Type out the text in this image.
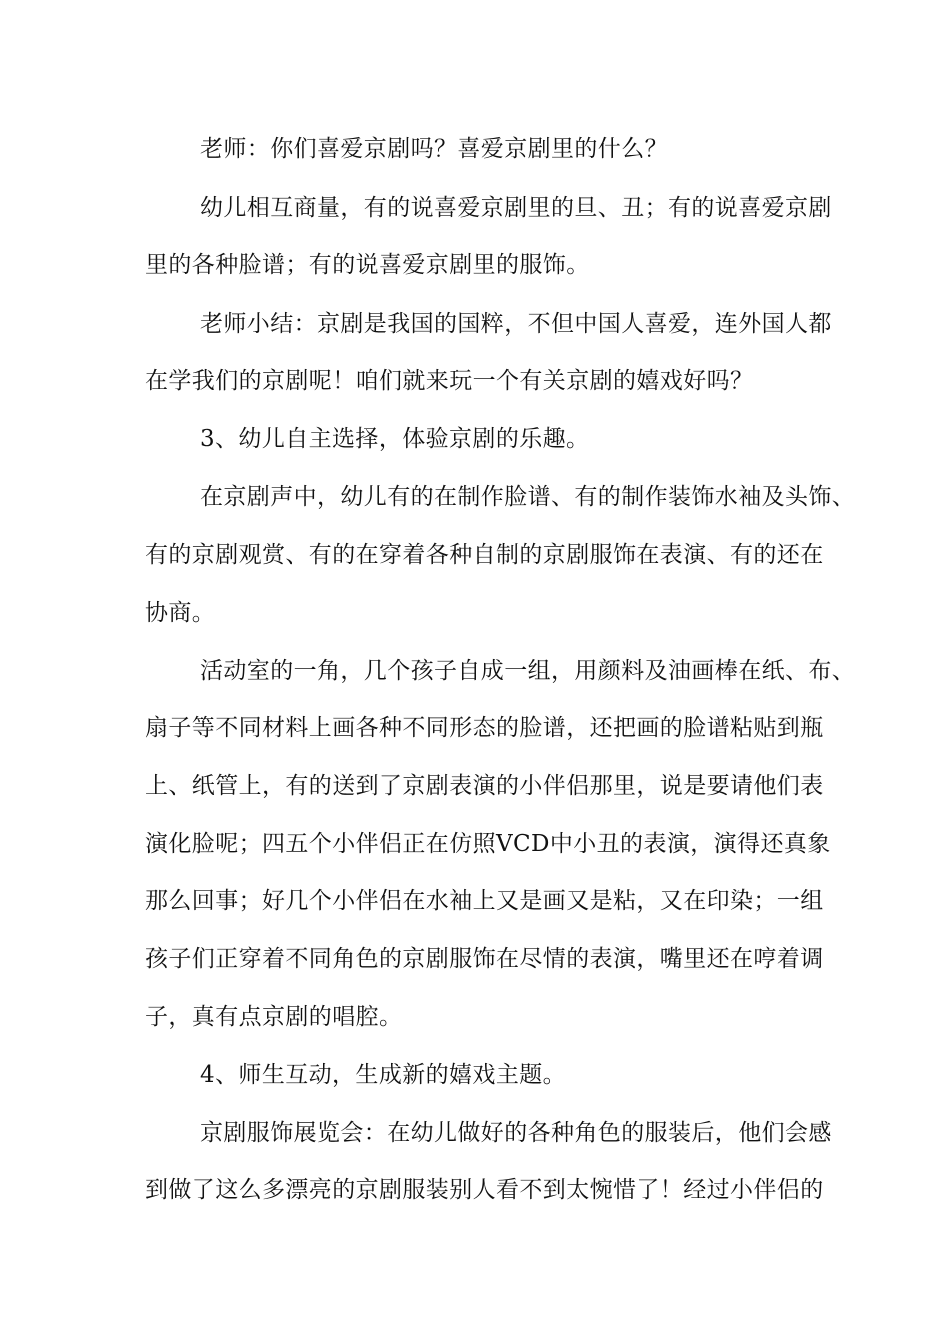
老师：你们喜爱京剧吗？喜爱京剧里的什么？
幼儿相互商量，有的说喜爱京剧里的旦、丑；有的说喜爱京剧
里的各种脸谱；有的说喜爱京剧里的服饰。
老师小结：京剧是我国的国粹，不但中国人喜爱，连外国人都
在学我们的京剧呢！咱们就来玩一个有关京剧的嬉戏好吗？
3、幼儿自主选择，体验京剧的乐趣。
在京剧声中，幼儿有的在制作脸谱、有的制作装饰水袖及头饰、
有的京剧观赏、有的在穿着各种自制的京剧服饰在表演、有的还在
协商。
活动室的一角，几个孩子自成一组，用颜料及油画棒在纸、布、
扇子等不同材料上画各种不同形态的脸谱，还把画的脸谱粘贴到瓶
上、纸管上，有的送到了京剧表演的小伴侣那里，说是要请他们表
演化脸呢；四五个小伴侣正在仿照VCD中小丑的表演，演得还真象
那么回事；好几个小伴侣在水袖上又是画又是粘，又在印染；一组
孩子们正穿着不同角色的京剧服饰在尽情的表演，嘴里还在哼着调
子，真有点京剧的唱腔。
4、师生互动，生成新的嬉戏主题。
京剧服饰展览会：在幼儿做好的各种角色的服装后，他们会感
到做了这么多漂亮的京剧服装别人看不到太惋惜了！经过小伴侣的
